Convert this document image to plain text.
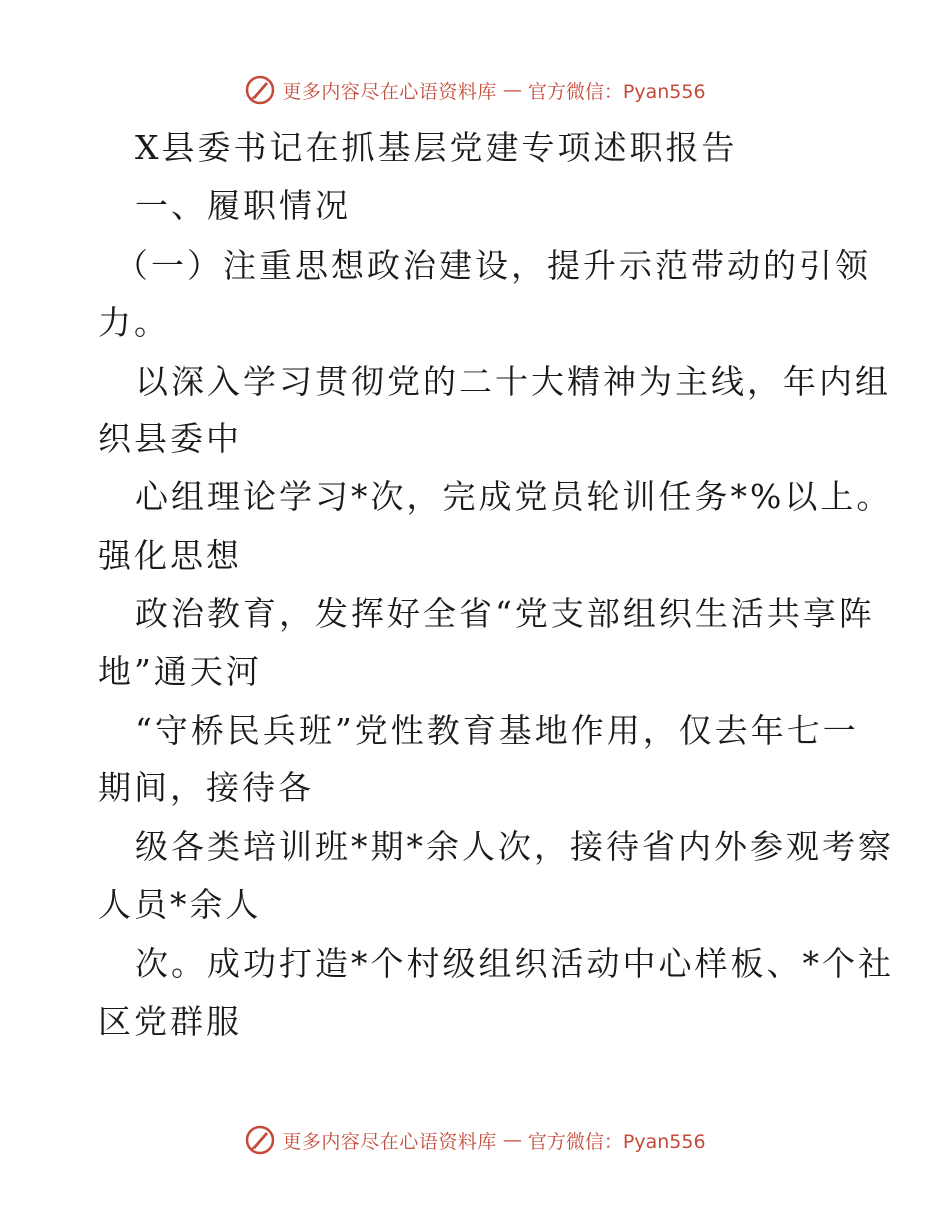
更多内容尽在心语资料库 — 官方微信：Pyan556
X县委书记在抓基层党建专项述职报告
一、履职情况
（一）注重思想政治建设，提升示范带动的引领
力。
以深入学习贯彻党的二十大精神为主线，年内组
织县委中
心组理论学习*次，完成党员轮训任务*%以上。
强化思想
政治教育，发挥好全省“党支部组织生活共享阵
地”通天河
“守桥民兵班”党性教育基地作用，仅去年七一
期间，接待各
级各类培训班*期*余人次，接待省内外参观考察
人员*余人
次。成功打造*个村级组织活动中心样板、*个社
区党群服
更多内容尽在心语资料库 — 官方微信：Pyan556
